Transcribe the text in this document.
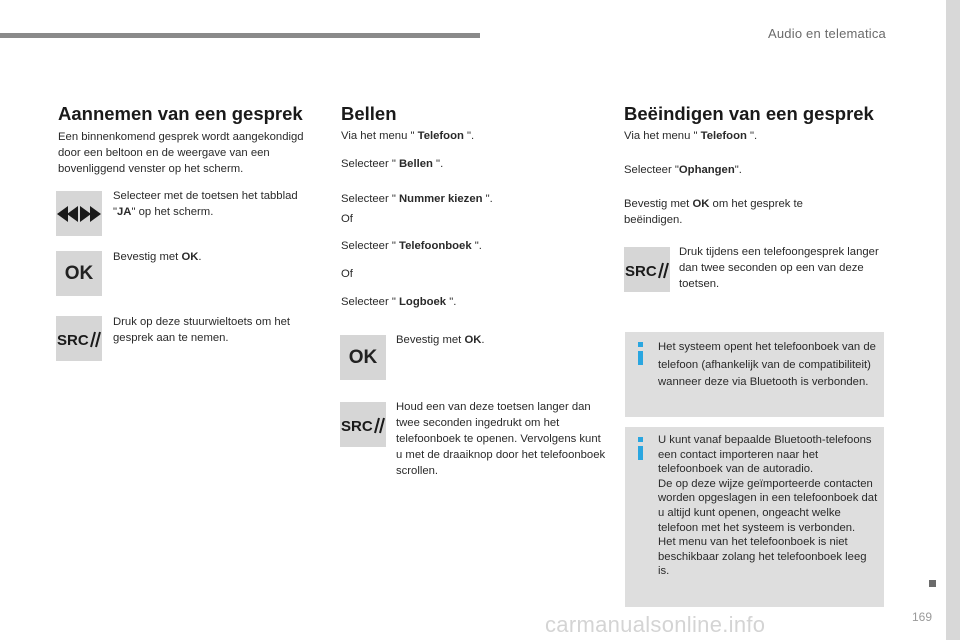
Audio en telematica
169
carmanualsonline.info
Aannemen van een gesprek
Een binnenkomend gesprek wordt aangekondigd door een beltoon en de weergave van een bovenliggend venster op het scherm.
Selecteer met de toetsen het tabblad "JA" op het scherm.
OK
Bevestig met OK.
SRC
Druk op deze stuurwieltoets om het gesprek aan te nemen.
Bellen
Via het menu " Telefoon ".
Selecteer " Bellen ".
Selecteer " Nummer kiezen ".
Of
Selecteer " Telefoonboek ".
Of
Selecteer " Logboek ".
OK
Bevestig met OK.
SRC
Houd een van deze toetsen langer dan twee seconden ingedrukt om het telefoonboek te openen. Vervolgens kunt u met de draaiknop door het telefoonboek scrollen.
Beëindigen van een gesprek
Via het menu " Telefoon ".
Selecteer "Ophangen".
Bevestig met OK om het gesprek te beëindigen.
SRC
Druk tijdens een telefoongesprek langer dan twee seconden op een van deze toetsen.
Het systeem opent het telefoonboek van de telefoon (afhankelijk van de compatibiliteit) wanneer deze via Bluetooth is verbonden.
U kunt vanaf bepaalde Bluetooth-telefoons een contact importeren naar het telefoonboek van de autoradio.
De op deze wijze geïmporteerde contacten worden opgeslagen in een telefoonboek dat u altijd kunt openen, ongeacht welke telefoon met het systeem is verbonden.
Het menu van het telefoonboek is niet beschikbaar zolang het telefoonboek leeg is.
